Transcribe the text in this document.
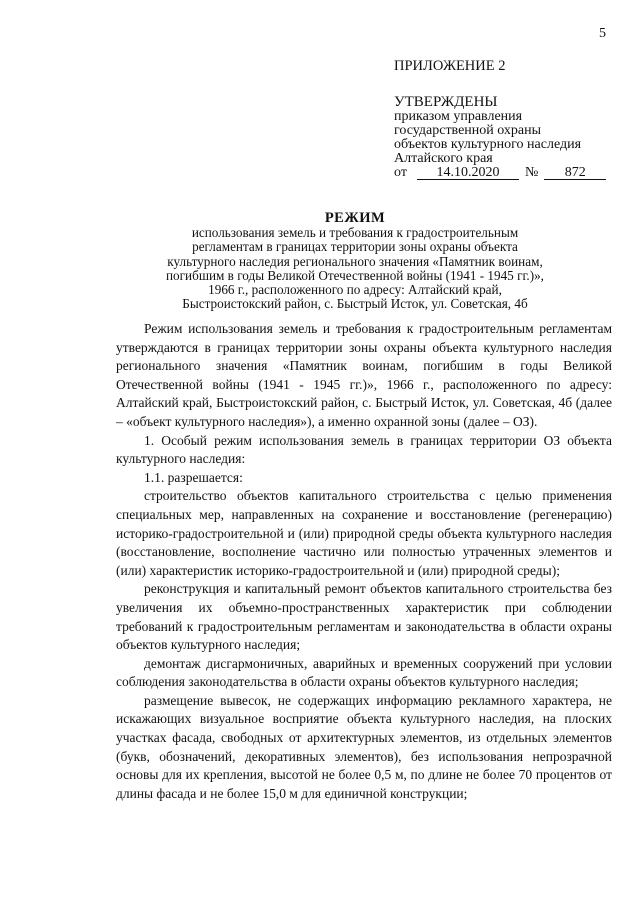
5
ПРИЛОЖЕНИЕ 2
УТВЕРЖДЕНЫ
приказом управления
государственной охраны
объектов культурного наследия
Алтайского края
от 14.10.2020 № 872
РЕЖИМ
использования земель и требования к градостроительным
регламентам в границах территории зоны охраны объекта
культурного наследия регионального значения «Памятник воинам,
погибшим в годы Великой Отечественной войны (1941 - 1945 гг.)»,
1966 г., расположенного по адресу: Алтайский край,
Быстроистокский район, с. Быстрый Исток, ул. Советская, 4б

Режим использования земель и требования к градостроительным регламентам утверждаются в границах территории зоны охраны объекта культурного наследия регионального значения «Памятник воинам, погибшим в годы Великой Отечественной войны (1941 - 1945 гг.)», 1966 г., расположенного по адресу: Алтайский край, Быстроистокский район, с. Быстрый Исток, ул. Советская, 4б (далее – «объект культурного наследия»), а именно охранной зоны (далее – ОЗ).

1. Особый режим использования земель в границах территории ОЗ объекта культурного наследия:

1.1. разрешается:

строительство объектов капитального строительства с целью применения специальных мер, направленных на сохранение и восстановление (регенерацию) историко-градостроительной и (или) природной среды объекта культурного наследия (восстановление, восполнение частично или полностью утраченных элементов и (или) характеристик историко-градостроительной и (или) природной среды);

реконструкция и капитальный ремонт объектов капитального строительства без увеличения их объемно-пространственных характеристик при соблюдении требований к градостроительным регламентам и законодательства в области охраны объектов культурного наследия;

демонтаж дисгармоничных, аварийных и временных сооружений при условии соблюдения законодательства в области охраны объектов культурного наследия;

размещение вывесок, не содержащих информацию рекламного характера, не искажающих визуальное восприятие объекта культурного наследия, на плоских участках фасада, свободных от архитектурных элементов, из отдельных элементов (букв, обозначений, декоративных элементов), без использования непрозрачной основы для их крепления, высотой не более 0,5 м, по длине не более 70 процентов от длины фасада и не более 15,0 м для единичной конструкции;
